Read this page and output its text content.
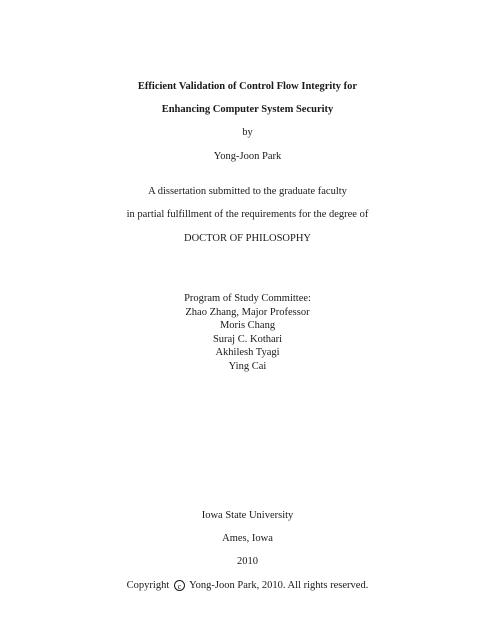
Efficient Validation of Control Flow Integrity for
Enhancing Computer System Security
by
Yong-Joon Park
A dissertation submitted to the graduate faculty
in partial fulfillment of the requirements for the degree of
DOCTOR OF PHILOSOPHY
Program of Study Committee:
Zhao Zhang, Major Professor
Moris Chang
Suraj C. Kothari
Akhilesh Tyagi
Ying Cai
Iowa State University
Ames, Iowa
2010
Copyright c Yong-Joon Park, 2010. All rights reserved.
